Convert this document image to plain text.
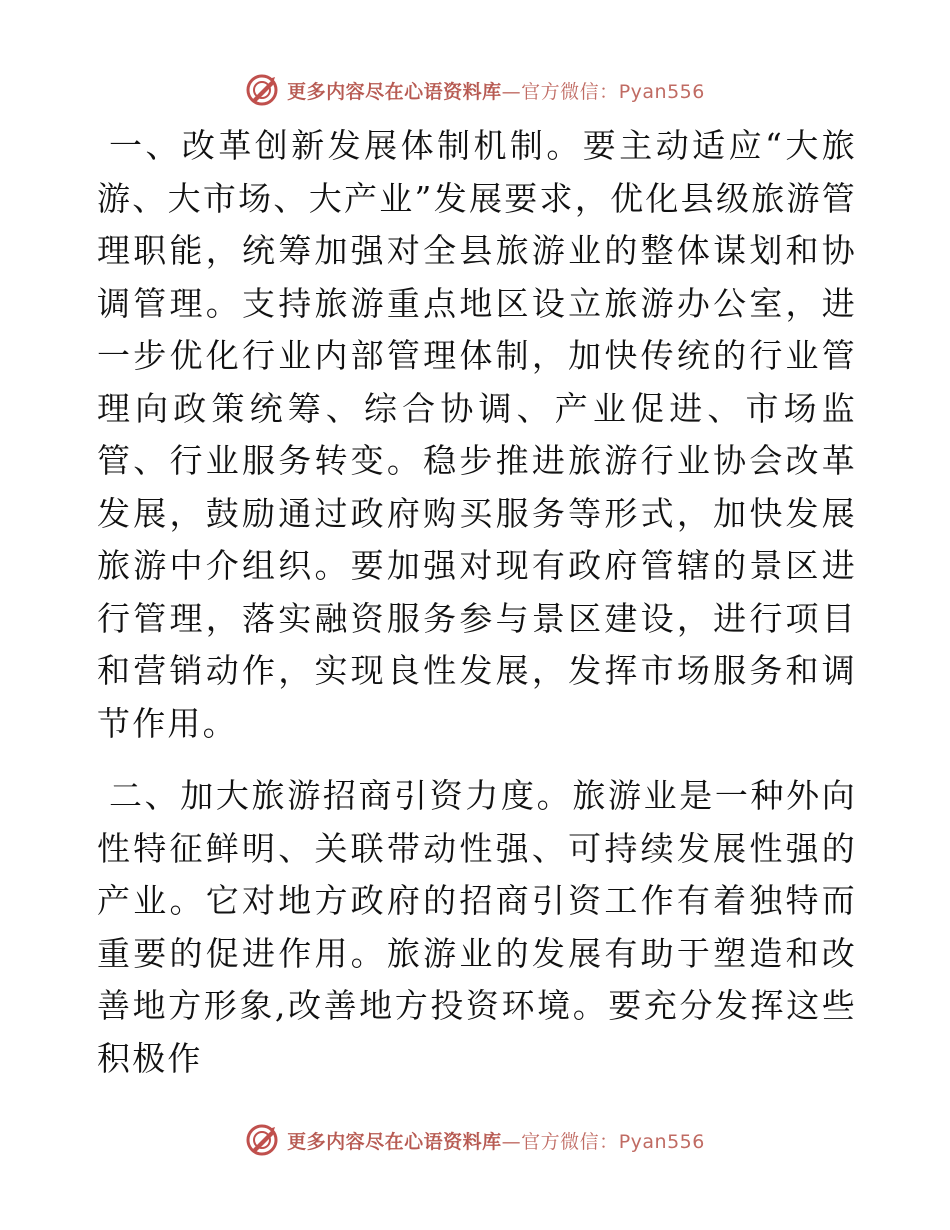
更多内容尽在心语资料库—官方微信：Pyan556

一、改革创新发展体制机制。要主动适应“大旅游、大市场、大产业”发展要求，优化县级旅游管理职能，统筹加强对全县旅游业的整体谋划和协调管理。支持旅游重点地区设立旅游办公室，进一步优化行业内部管理体制，加快传统的行业管理向政策统筹、综合协调、产业促进、市场监管、行业服务转变。稳步推进旅游行业协会改革发展，鼓励通过政府购买服务等形式，加快发展旅游中介组织。要加强对现有政府管辖的景区进行管理，落实融资服务参与景区建设，进行项目和营销动作，实现良性发展，发挥市场服务和调节作用。

二、加大旅游招商引资力度。旅游业是一种外向性特征鲜明、关联带动性强、可持续发展性强的产业。它对地方政府的招商引资工作有着独特而重要的促进作用。旅游业的发展有助于塑造和改善地方形象,改善地方投资环境。要充分发挥这些积极作

更多内容尽在心语资料库—官方微信：Pyan556
